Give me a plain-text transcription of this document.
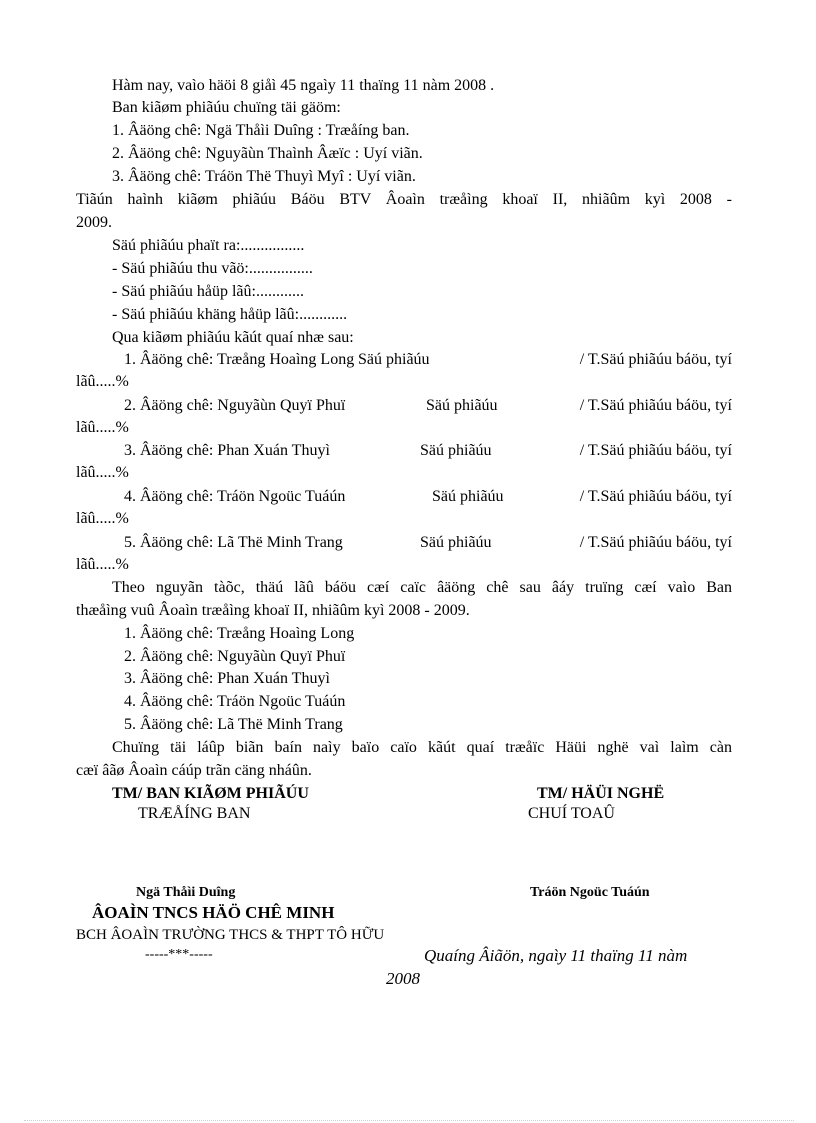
Hàm nay, vaìo häöi 8 giåì 45 ngaìy 11 thaïng 11 nàm 2008 .
Ban kiãøm phiãúu chuïng täi gäöm:
1. Âäöng chê: Ngä Thåìi Duîng : Træåíng ban.
2. Âäöng chê: Nguyãùn Thaình Âæïc : Uyí viãn.
3. Âäöng chê: Tráön Thë Thuyì Myî : Uyí viãn.
Tiãún haình kiãøm phiãúu Báöu BTV Âoaìn træåìng khoaï II, nhiãûm kyì 2008 -
2009.
Säú phiãúu phaït ra:................
- Säú phiãúu thu vãö:................
- Säú phiãúu håüp lãû:............
- Säú phiãúu khäng håüp lãû:............
Qua kiãøm phiãúu kãút quaí nhæ sau:
1. Âäöng chê: Træång Hoaìng Long Säú phiãúu	/ T.Säú phiãúu báöu, tyí
lãû.....%
2. Âäöng chê: Nguyãùn Quyï Phuï	Säú phiãúu	/ T.Säú phiãúu báöu, tyí
lãû.....%
3. Âäöng chê: Phan Xuán Thuyì	Säú phiãúu	/ T.Säú phiãúu báöu, tyí
lãû.....%
4. Âäöng chê: Tráön Ngoüc Tuáún	Säú phiãúu	/ T.Säú phiãúu báöu, tyí
lãû.....%
5. Âäöng chê: Lã Thë Minh Trang	Säú phiãúu	/ T.Säú phiãúu báöu, tyí
lãû.....%
Theo nguyãn tàõc, thäú lãû báöu cæí caïc âäöng chê sau âáy truïng cæí vaìo Ban
thæåìng vuû Âoaìn træåìng khoaï II, nhiãûm kyì 2008 - 2009.
1. Âäöng chê: Træång Hoaìng Long
2. Âäöng chê: Nguyãùn Quyï Phuï
3. Âäöng chê: Phan Xuán Thuyì
4. Âäöng chê: Tráön Ngoüc Tuáún
5. Âäöng chê: Lã Thë Minh Trang
Chuïng täi láûp biãn baín naìy baïo caïo kãút quaí træåïc Häüi nghë vaì laìm càn
cæï âãø Âoaìn cáúp trãn cäng nháûn.
TM/ BAN KIÃØM PHIÃÚU	TM/ HÄÜI NGHË
TRÆÅÍNG BAN	CHUÍ TOAÛ
Ngä Thåìi Duîng	Tráön Ngoüc Tuáún
ÂOAÌN TNCS HÄÖ CHÊ MINH
BCH ÂOAÌN TRƯỜNG THCS & THPT TÔ HỮU
-----***-----	Quaíng Âiãön, ngaìy 11 thaïng 11 nàm
2008
